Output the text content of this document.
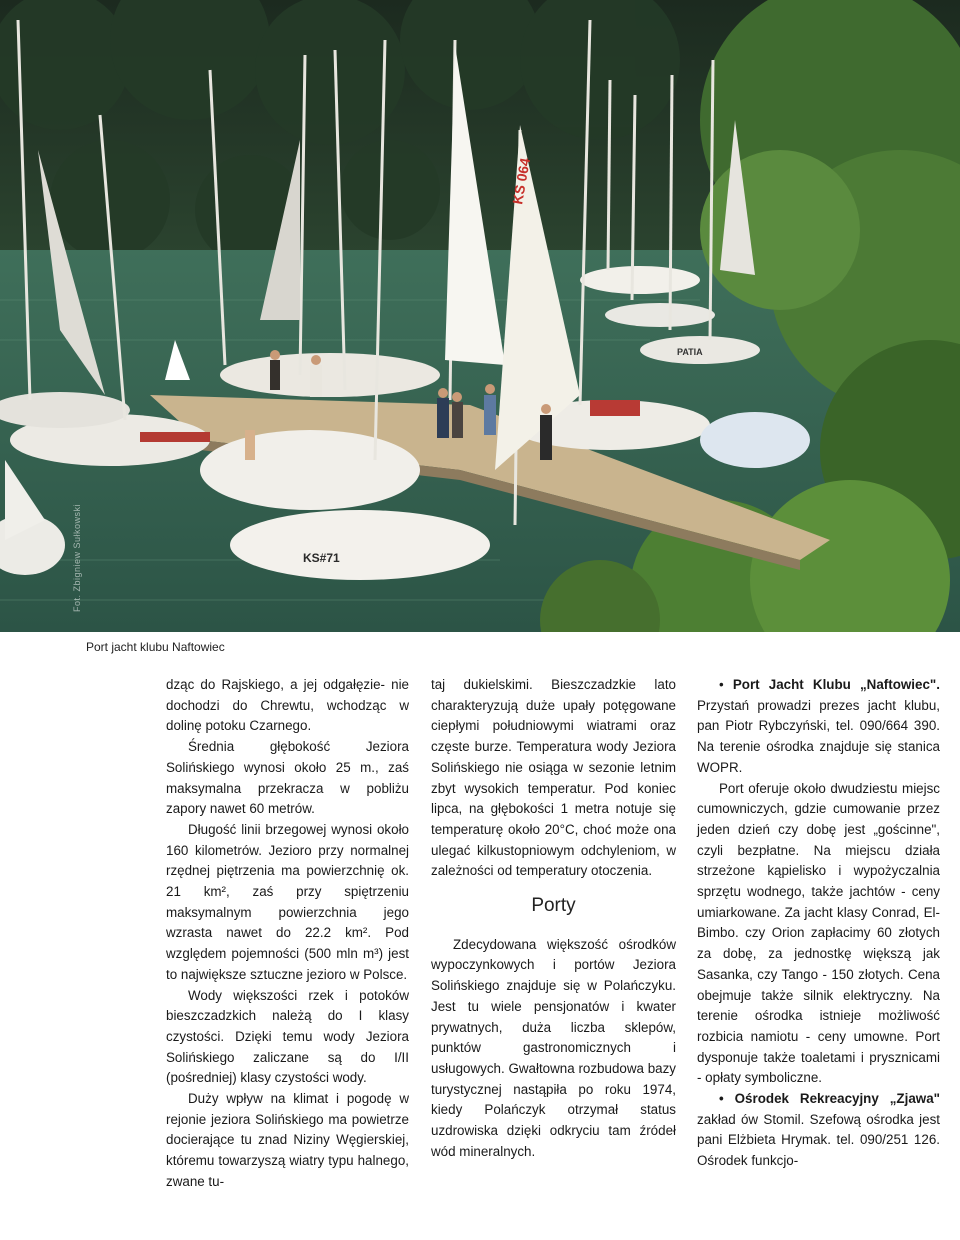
KS 064
KS#71
PATIA
Fot. Zbigniew Sułkowski
Port jacht klubu Naftowiec

dząc do Rajskiego, a jej odgałęzie- nie dochodzi do Chrewtu, wchodząc w dolinę potoku Czarnego.

Średnia głębokość Jeziora Solińskiego wynosi około 25 m., zaś maksymalna przekracza w pobliżu zapory nawet 60 metrów.

Długość linii brzegowej wynosi około 160 kilometrów. Jezioro przy normalnej rzędnej piętrzenia ma powierzchnię ok. 21 km², zaś przy spiętrzeniu maksymalnym powierzchnia jego wzrasta nawet do 22.2 km². Pod względem pojemności (500 mln m³) jest to największe sztuczne jezioro w Polsce.

Wody większości rzek i potoków bieszczadzkich należą do I klasy czystości. Dzięki temu wody Jeziora Solińskiego zaliczane są do I/II (pośredniej) klasy czystości wody.

Duży wpływ na klimat i pogodę w rejonie jeziora Solińskiego ma powietrze docierające tu znad Niziny Węgierskiej, któremu towarzyszą wiatry typu halnego, zwane tu-

taj dukielskimi. Bieszczadzkie lato charakteryzują duże upały potęgowane ciepłymi południowymi wiatrami oraz częste burze. Temperatura wody Jeziora Solińskiego nie osiąga w sezonie letnim zbyt wysokich temperatur. Pod koniec lipca, na głębokości 1 metra notuje się temperaturę około 20°C, choć może ona ulegać kilkustopniowym odchyleniom, w zależności od temperatury otoczenia.

Porty

Zdecydowana większość ośrodków wypoczynkowych i portów Jeziora Solińskiego znajduje się w Polańczyku. Jest tu wiele pensjonatów i kwater prywatnych, duża liczba sklepów, punktów gastronomicznych i usługowych. Gwałtowna rozbudowa bazy turystycznej nastąpiła po roku 1974, kiedy Polańczyk otrzymał status uzdrowiska dzięki odkryciu tam źródeł wód mineralnych.

• Port Jacht Klubu „Naftowiec". Przystań prowadzi prezes jacht klubu, pan Piotr Rybczyński, tel. 090/664 390. Na terenie ośrodka znajduje się stanica WOPR.

Port oferuje około dwudziestu miejsc cumowniczych, gdzie cumowanie przez jeden dzień czy dobę jest „gościnne", czyli bezpłatne. Na miejscu działa strzeżone kąpielisko i wypożyczalnia sprzętu wodnego, także jachtów - ceny umiarkowane. Za jacht klasy Conrad, El-Bimbo. czy Orion zapłacimy 60 złotych za dobę, za jednostkę większą jak Sasanka, czy Tango - 150 złotych. Cena obejmuje także silnik elektryczny. Na terenie ośrodka istnieje możliwość rozbicia namiotu - ceny umowne. Port dysponuje także toaletami i prysznicami - opłaty symboliczne.

• Ośrodek Rekreacyjny „Zjawa" zakład ów Stomil. Szefową ośrodka jest pani Elżbieta Hrymak. tel. 090/251 126. Ośrodek funkcjo-
